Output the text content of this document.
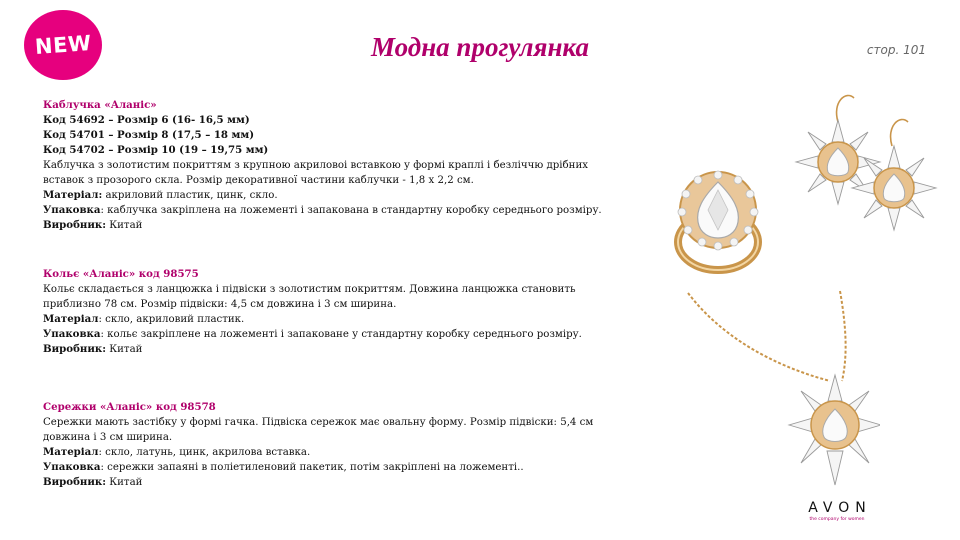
NEW	Модна прогулянка	стор. 101

Каблучка «Аланіс»

Код 54692 – Розмір 6 (16- 16,5 мм)

Код 54701 – Розмір 8 (17,5 – 18 мм)

Код 54702 – Розмір 10 (19 – 19,75 мм)

Каблучка з золотистим покриттям з крупною акриловоі вставкою у формі краплі і безліччю дрібних

вставок з прозорого скла. Розмір декоративної частини каблучки - 1,8 х 2,2 см.

Матеріал: акриловий пластик, цинк, скло.

Упаковка: каблучка закріплена на ложементі і запакована в стандартну коробку середнього розміру.

Виробник: Китай

Кольє «Аланіс» код 98575

Кольє складається з ланцюжка і підвіски з золотистим покриттям. Довжина ланцюжка становить

приблизно 78 см. Розмір підвіски: 4,5 см довжина і 3 см ширина.

Матеріал: скло, акриловий пластик.

Упаковка: кольє закріплене на ложементі і запаковане у стандартну коробку середнього розміру.

Виробник: Китай

Сережки «Аланіс» код 98578

Сережки мають застібку у формі гачка. Підвіска сережок має овальну форму. Розмір підвіски: 5,4 см

довжина і 3 см ширина.

Матеріал: скло, латунь, цинк, акрилова вставка.

Упаковка: сережки запаяні в поліетиленовий пакетик, потім закріплені на ложементі..

Виробник: Китай

AVON
the company for women
